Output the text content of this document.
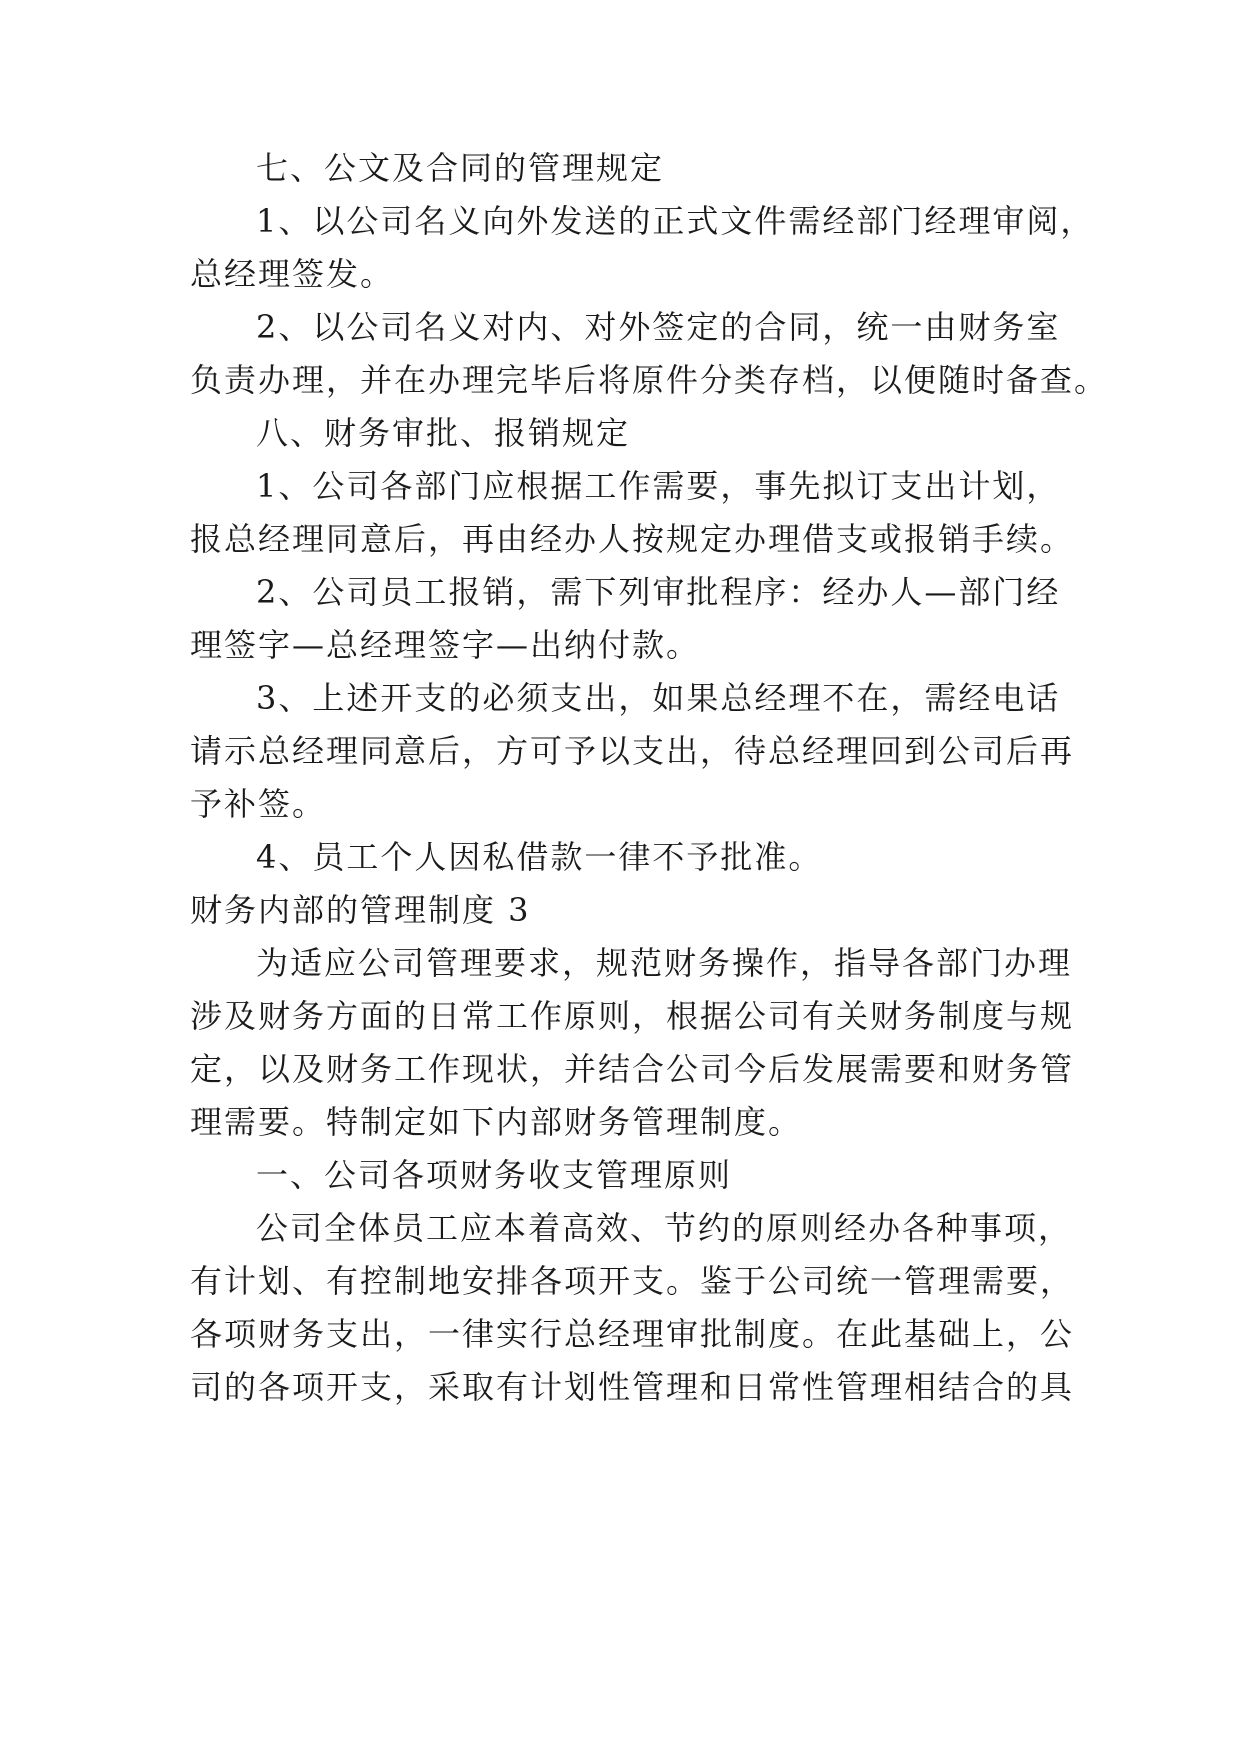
七、公文及合同的管理规定
1、以公司名义向外发送的正式文件需经部门经理审阅，
总经理签发。
2、以公司名义对内、对外签定的合同，统一由财务室
负责办理，并在办理完毕后将原件分类存档，以便随时备查。
八、财务审批、报销规定
1、公司各部门应根据工作需要，事先拟订支出计划，
报总经理同意后，再由经办人按规定办理借支或报销手续。
2、公司员工报销，需下列审批程序：经办人—部门经
理签字—总经理签字—出纳付款。
3、上述开支的必须支出，如果总经理不在，需经电话
请示总经理同意后，方可予以支出，待总经理回到公司后再
予补签。
4、员工个人因私借款一律不予批准。
财务内部的管理制度 3
为适应公司管理要求，规范财务操作，指导各部门办理
涉及财务方面的日常工作原则，根据公司有关财务制度与规
定，以及财务工作现状，并结合公司今后发展需要和财务管
理需要。特制定如下内部财务管理制度。
一、公司各项财务收支管理原则
公司全体员工应本着高效、节约的原则经办各种事项，
有计划、有控制地安排各项开支。鉴于公司统一管理需要，
各项财务支出，一律实行总经理审批制度。在此基础上，公
司的各项开支，采取有计划性管理和日常性管理相结合的具
